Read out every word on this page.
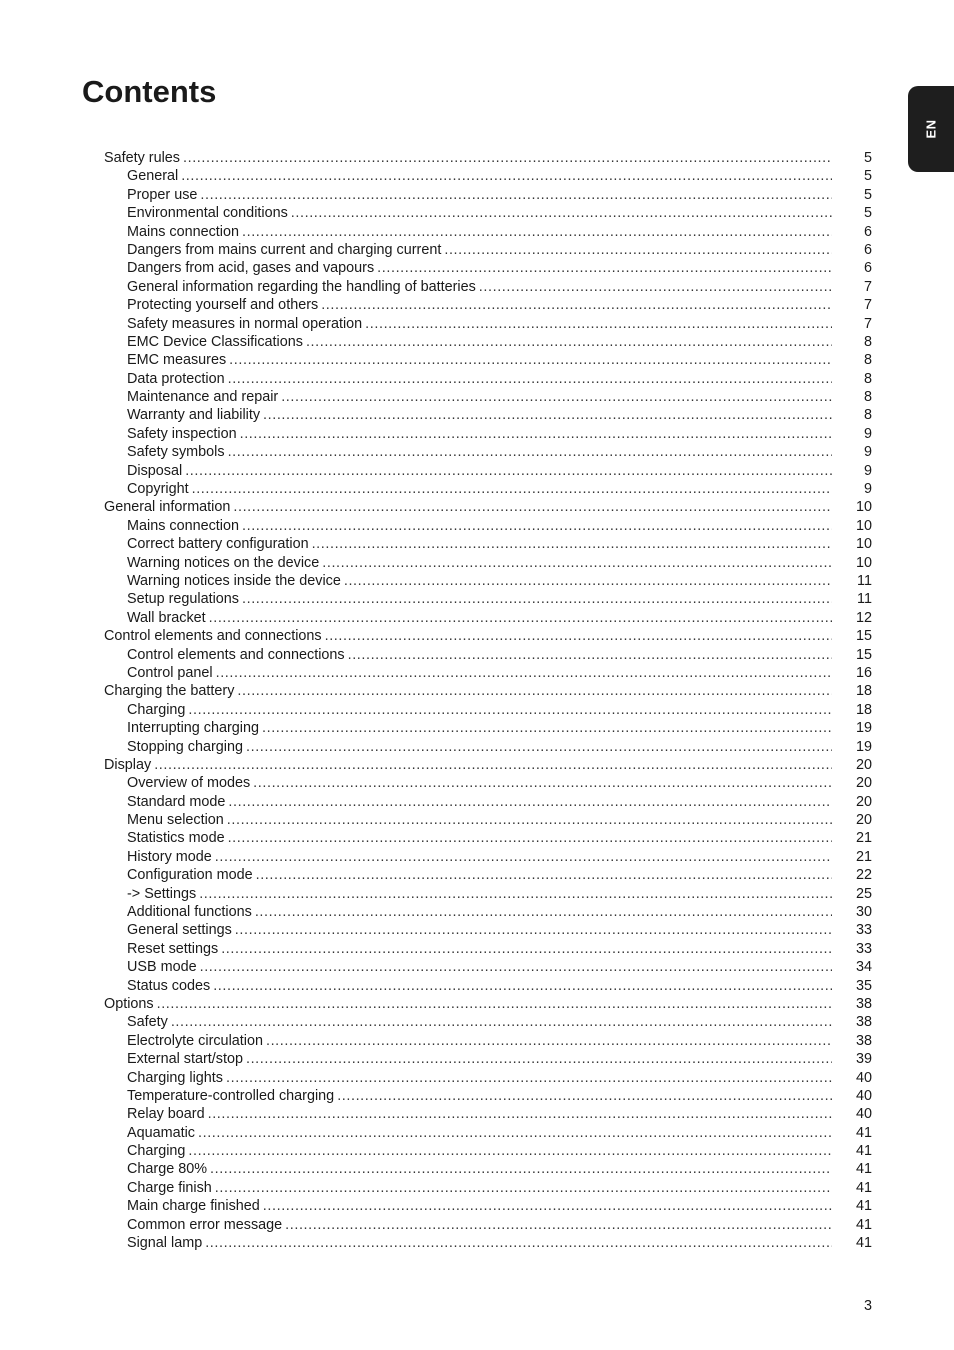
Contents
EN
Safety rules .....	5
General .....	5
Proper use .....	5
Environmental conditions .....	5
Mains connection .....	6
Dangers from mains current and charging current .....	6
Dangers from acid, gases and vapours .....	6
General information regarding the handling of batteries .....	7
Protecting yourself and others .....	7
Safety measures in normal operation .....	7
EMC Device Classifications .....	8
EMC measures .....	8
Data protection .....	8
Maintenance and repair .....	8
Warranty and liability .....	8
Safety inspection .....	9
Safety symbols .....	9
Disposal .....	9
Copyright .....	9
General information .....	10
Mains connection .....	10
Correct battery configuration .....	10
Warning notices on the device .....	10
Warning notices inside the device .....	11
Setup regulations .....	11
Wall bracket .....	12
Control elements and connections .....	15
Control elements and connections .....	15
Control panel .....	16
Charging the battery .....	18
Charging .....	18
Interrupting charging .....	19
Stopping charging .....	19
Display .....	20
Overview of modes .....	20
Standard mode .....	20
Menu selection .....	20
Statistics mode .....	21
History mode .....	21
Configuration mode .....	22
-> Settings .....	25
Additional functions .....	30
General settings .....	33
Reset settings .....	33
USB mode .....	34
Status codes .....	35
Options .....	38
Safety .....	38
Electrolyte circulation .....	38
External start/stop .....	39
Charging lights .....	40
Temperature-controlled charging .....	40
Relay board .....	40
Aquamatic .....	41
Charging .....	41
Charge 80% .....	41
Charge finish .....	41
Main charge finished .....	41
Common error message .....	41
Signal lamp .....	41
3
